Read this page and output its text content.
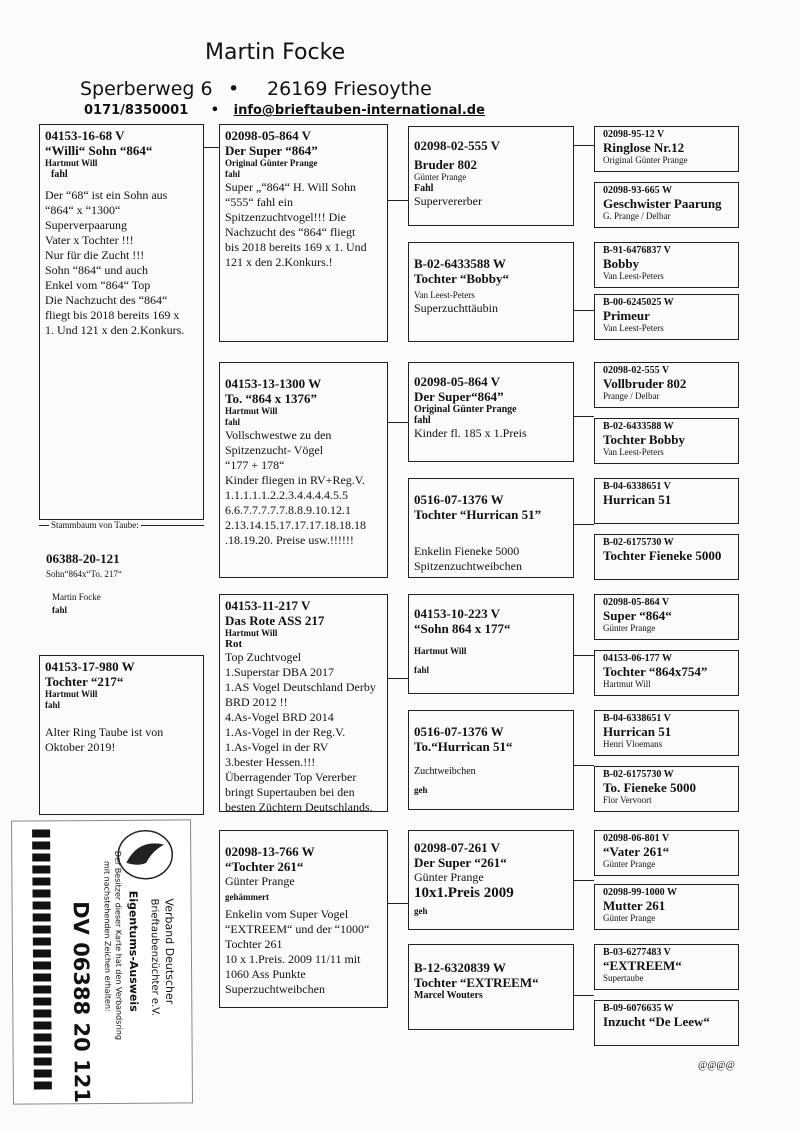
Martin Focke
Sperberweg 6 • 26169 Friesoythe
0171/8350001 • info@brieftauben-international.de
04153-16-68 V
“Willi“ Sohn “864“
Hartmut Will
fahl
Der “68“ ist ein Sohn aus
“864“ x “1300“
Superverpaarung
Vater x Tochter !!!
Nur für die Zucht !!!
Sohn “864“ und auch
Enkel vom “864“ Top
Die Nachzucht des “864“
fliegt bis 2018 bereits 169 x
1. Und 121 x den 2.Konkurs.
Stammbaum von Taube:
06388-20-121
Sohn“864x“To. 217“
Martin Focke
fahl
04153-17-980 W
Tochter “217“
Hartmut Will
fahl
Alter Ring Taube ist von
Oktober 2019!
02098-05-864 V
Der Super “864”
Original Günter Prange
fahl
Super „“864“ H. Will Sohn
“555“ fahl ein
Spitzenzuchtvogel!!! Die
Nachzucht des “864“ fliegt
bis 2018 bereits 169 x 1. Und
121 x den 2.Konkurs.!
04153-13-1300 W
To. “864 x 1376”
Hartmut Will
fahl
Vollschwestwe zu den
Spitzenzucht- Vögel
“177 + 178“
Kinder fliegen in RV+Reg.V.
1.1.1.1.1.2.2.3.4.4.4.4.5.5
6.6.7.7.7.7.7.8.8.9.10.12.1
2.13.14.15.17.17.17.18.18.18
.18.19.20. Preise usw.!!!!!!
04153-11-217 V
Das Rote ASS 217
Hartmut Will
Rot
Top Zuchtvogel
1.Superstar DBA 2017
1.AS Vogel Deutschland Derby
BRD 2012 !!
4.As-Vogel BRD 2014
1.As-Vogel in der Reg.V.
1.As-Vogel in der RV
3.bester Hessen.!!!
Überragender Top Vererber
bringt Supertauben bei den
besten Züchtern Deutschlands.
02098-13-766 W
“Tochter 261“
Günter Prange
gehämmert
Enkelin vom Super Vogel
“EXTREEM“ und der “1000“
Tochter 261
10 x 1.Preis. 2009 11/11 mit
1060 Ass Punkte
Superzuchtweibchen
02098-02-555 V
Bruder 802
Günter Prange
Fahl
Supervererber
B-02-6433588 W
Tochter “Bobby“
Van Leest-Peters
Superzuchttäubin
02098-05-864 V
Der Super“864”
Original Günter Prange
fahl
Kinder fl. 185 x 1.Preis
0516-07-1376 W
Tochter “Hurrican 51”
Enkelin Fieneke 5000
Spitzenzuchtweibchen
04153-10-223 V
“Sohn 864 x 177“
Hartmut Will
fahl
0516-07-1376 W
To.“Hurrican 51“
Zuchtweibchen
geh
02098-07-261 V
Der Super “261“
Günter Prange
10x1.Preis 2009
geh
B-12-6320839 W
Tochter “EXTREEM“
Marcel Wouters
02098-95-12 V
Ringlose Nr.12
Original Günter Prange
02098-93-665 W
Geschwister Paarung
G. Prange / Delbar
B-91-6476837 V
Bobby
Van Leest-Peters
B-00-6245025 W
Primeur
Van Leest-Peters
02098-02-555 V
Vollbruder 802
Prange / Delbar
B-02-6433588 W
Tochter Bobby
Van Leest-Peters
B-04-6338651 V
Hurrican 51
B-02-6175730 W
Tochter Fieneke 5000
02098-05-864 V
Super “864“
Günter Prange
04153-06-177 W
Tochter “864x754”
Hartmut Will
B-04-6338651 V
Hurrican 51
Henri Vloemans
B-02-6175730 W
To. Fieneke 5000
Flor Vervoort
02098-06-801 V
“Vater 261“
Günter Prange
02098-99-1000 W
Mutter 261
Günter Prange
B-03-6277483 V
“EXTREEM“
Supertaube
B-09-6076635 W
Inzucht “De Leew“
Verband Deutscher
Brieftaubenzüchter e.V.
Eigentums-Ausweis
Der Besitzer dieser Karte hat den Verbandsring
mit nachstehenden Zeichen erhalten:
DV 06388 20 121	@@@@
